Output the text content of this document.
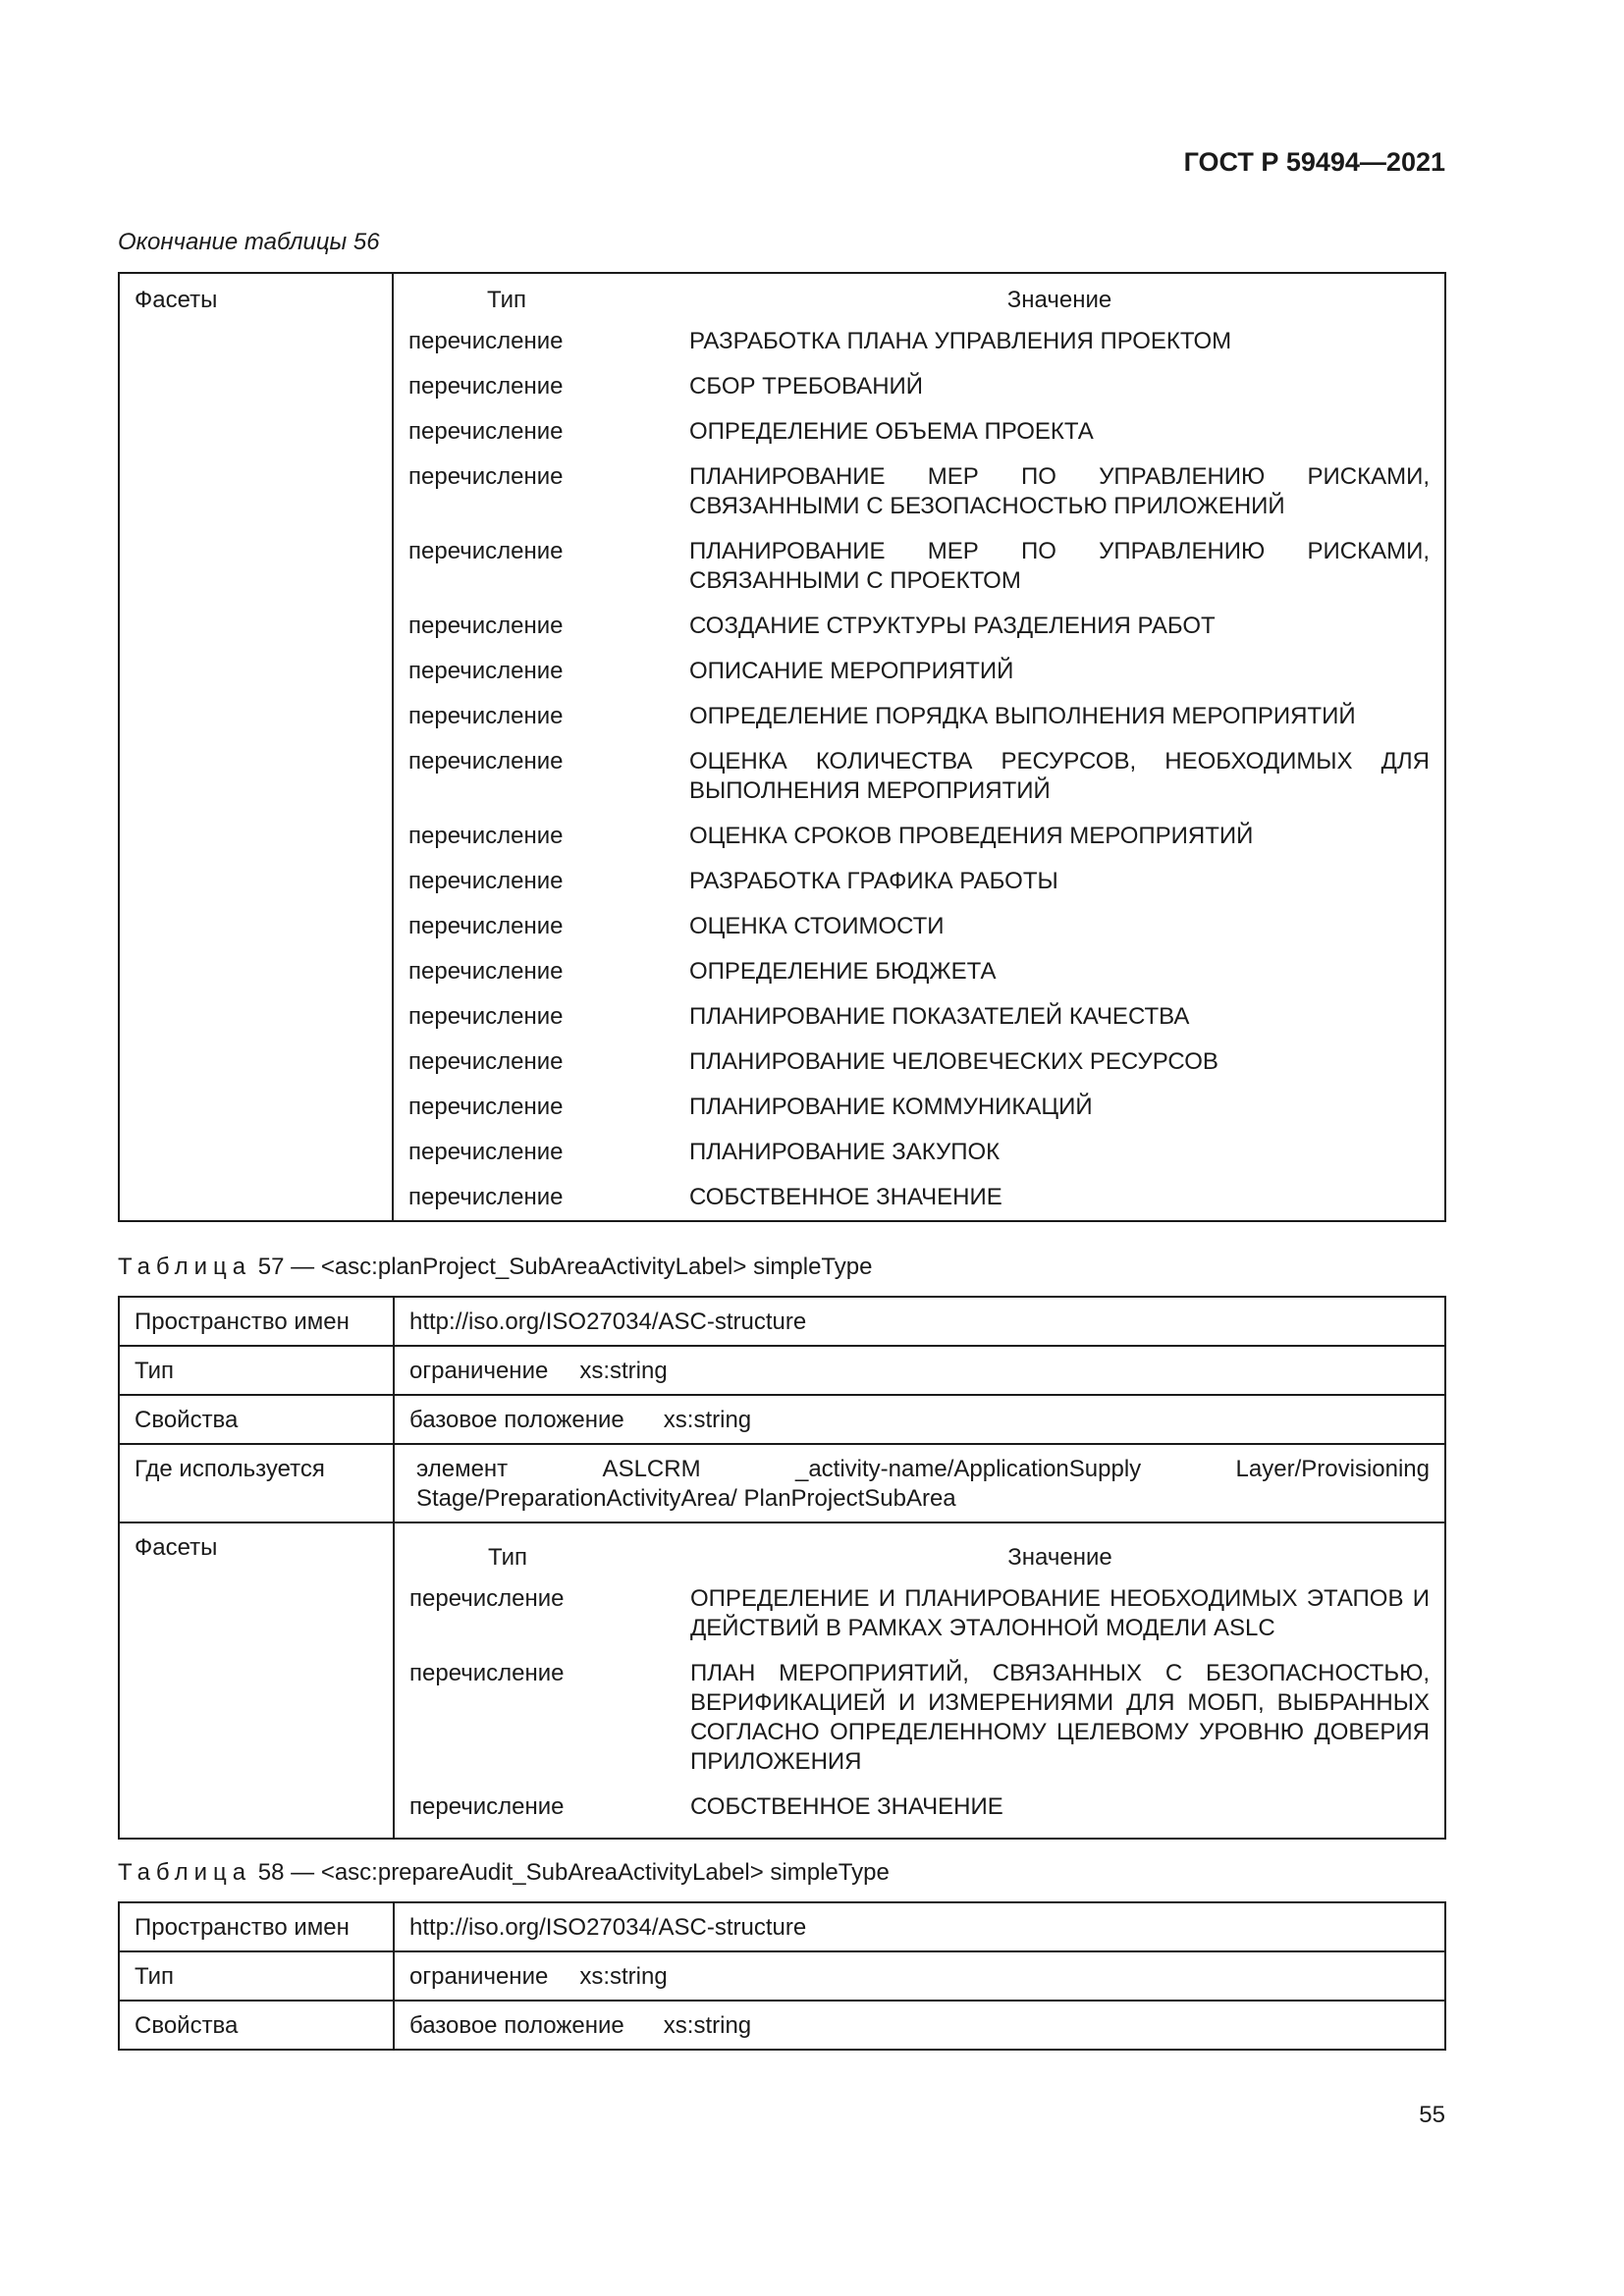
ГОСТ Р 59494—2021
Окончание таблицы 56
Фасеты	Тип	Значение
	перечисление	РАЗРАБОТКА ПЛАНА УПРАВЛЕНИЯ ПРОЕКТОМ
	перечисление	СБОР ТРЕБОВАНИЙ
	перечисление	ОПРЕДЕЛЕНИЕ ОБЪЕМА ПРОЕКТА
	перечисление	ПЛАНИРОВАНИЕ МЕР ПО УПРАВЛЕНИЮ РИСКАМИ, СВЯЗАННЫМИ С БЕЗОПАСНОСТЬЮ ПРИЛОЖЕНИЙ
	перечисление	ПЛАНИРОВАНИЕ МЕР ПО УПРАВЛЕНИЮ РИСКАМИ, СВЯЗАННЫМИ С ПРОЕКТОМ
	перечисление	СОЗДАНИЕ СТРУКТУРЫ РАЗДЕЛЕНИЯ РАБОТ
	перечисление	ОПИСАНИЕ МЕРОПРИЯТИЙ
	перечисление	ОПРЕДЕЛЕНИЕ ПОРЯДКА ВЫПОЛНЕНИЯ МЕРОПРИЯТИЙ
	перечисление	ОЦЕНКА КОЛИЧЕСТВА РЕСУРСОВ, НЕОБХОДИМЫХ ДЛЯ ВЫПОЛНЕНИЯ МЕРОПРИЯТИЙ
	перечисление	ОЦЕНКА СРОКОВ ПРОВЕДЕНИЯ МЕРОПРИЯТИЙ
	перечисление	РАЗРАБОТКА ГРАФИКА РАБОТЫ
	перечисление	ОЦЕНКА СТОИМОСТИ
	перечисление	ОПРЕДЕЛЕНИЕ БЮДЖЕТА
	перечисление	ПЛАНИРОВАНИЕ ПОКАЗАТЕЛЕЙ КАЧЕСТВА
	перечисление	ПЛАНИРОВАНИЕ ЧЕЛОВЕЧЕСКИХ РЕСУРСОВ
	перечисление	ПЛАНИРОВАНИЕ КОММУНИКАЦИЙ
	перечисление	ПЛАНИРОВАНИЕ ЗАКУПОК
	перечисление	СОБСТВЕННОЕ ЗНАЧЕНИЕ
Таблица 57 — <asc:planProject_SubAreaActivityLabel> simpleType
Пространство имен	http://iso.org/ISO27034/ASC-structure
Тип	ограничение xs:string
Свойства	базовое положение xs:string
Где используется	элемент ASLCRM _activity-name/ApplicationSupply Layer/Provisioning Stage/PreparationActivityArea/ PlanProjectSubArea
Фасеты		Тип	Значение
перечисление	ОПРЕДЕЛЕНИЕ И ПЛАНИРОВАНИЕ НЕОБХОДИМЫХ ЭТАПОВ И ДЕЙСТВИЙ В РАМКАХ ЭТАЛОННОЙ МОДЕЛИ ASLC
перечисление	ПЛАН МЕРОПРИЯТИЙ, СВЯЗАННЫХ С БЕЗОПАСНОСТЬЮ, ВЕРИФИКАЦИЕЙ И ИЗМЕРЕНИЯМИ ДЛЯ МОБП, ВЫБРАННЫХ СОГЛАСНО ОПРЕДЕЛЕННОМУ ЦЕЛЕВОМУ УРОВНЮ ДОВЕРИЯ ПРИЛОЖЕНИЯ
перечисление	СОБСТВЕННОЕ ЗНАЧЕНИЕ
Таблица 58 — <asc:prepareAudit_SubAreaActivityLabel> simpleType
Пространство имен	http://iso.org/ISO27034/ASC-structure
Тип	ограничение xs:string
Свойства	базовое положение xs:string
55
